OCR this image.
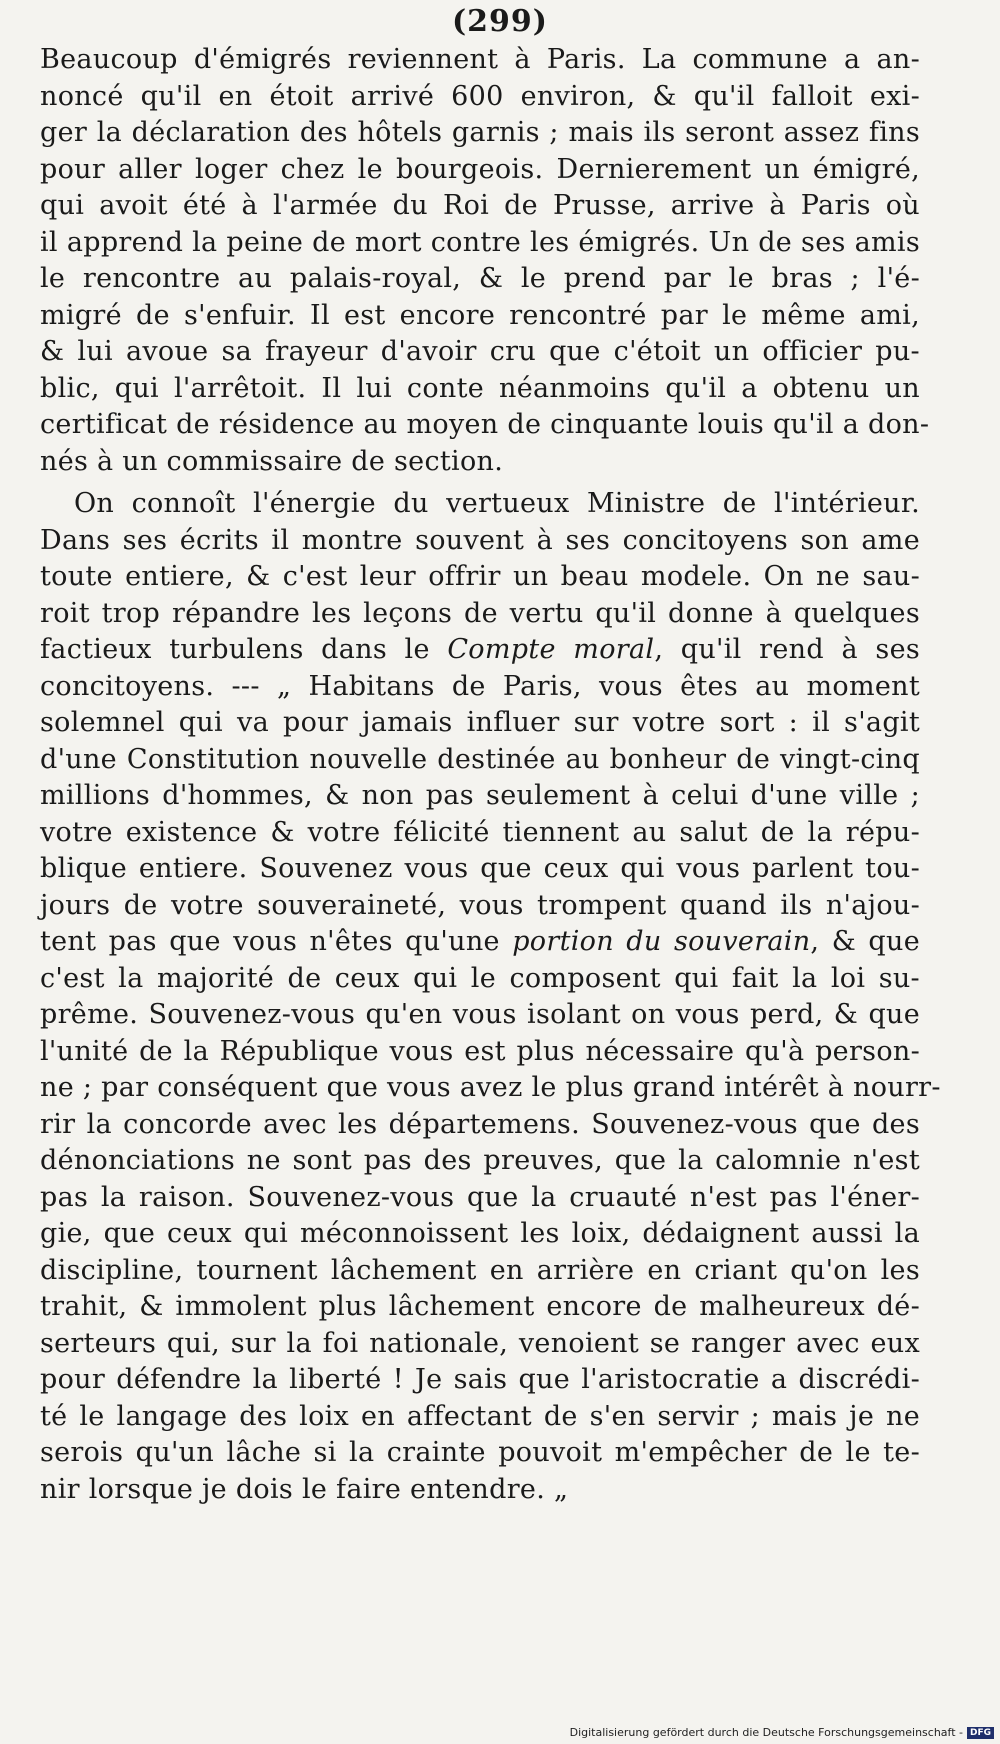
(299)
Beaucoup d'émigrés reviennent à Paris. La commune a an-
noncé qu'il en étoit arrivé 600 environ, & qu'il falloit exi-
ger la déclaration des hôtels garnis ; mais ils seront assez fins
pour aller loger chez le bourgeois. Dernierement un émigré,
qui avoit été à l'armée du Roi de Prusse, arrive à Paris où
il apprend la peine de mort contre les émigrés. Un de ses amis
le rencontre au palais-royal, & le prend par le bras ; l'é-
migré de s'enfuir. Il est encore rencontré par le même ami,
& lui avoue sa frayeur d'avoir cru que c'étoit un officier pu-
blic, qui l'arrêtoit. Il lui conte néanmoins qu'il a obtenu un
certificat de résidence au moyen de cinquante louis qu'il a don-
nés à un commissaire de section.
On connoît l'énergie du vertueux Ministre de l'intérieur.
Dans ses écrits il montre souvent à ses concitoyens son ame
toute entiere, & c'est leur offrir un beau modele. On ne sau-
roit trop répandre les leçons de vertu qu'il donne à quelques
factieux turbulens dans le Compte moral, qu'il rend à ses
concitoyens. --- „ Habitans de Paris, vous êtes au moment
solemnel qui va pour jamais influer sur votre sort : il s'agit
d'une Constitution nouvelle destinée au bonheur de vingt-cinq
millions d'hommes, & non pas seulement à celui d'une ville ;
votre existence & votre félicité tiennent au salut de la répu-
blique entiere. Souvenez vous que ceux qui vous parlent tou-
jours de votre souveraineté, vous trompent quand ils n'ajou-
tent pas que vous n'êtes qu'une portion du souverain, & que
c'est la majorité de ceux qui le composent qui fait la loi su-
prême. Souvenez-vous qu'en vous isolant on vous perd, & que
l'unité de la République vous est plus nécessaire qu'à person-
ne ; par conséquent que vous avez le plus grand intérêt à nourr-
rir la concorde avec les départemens. Souvenez-vous que des
dénonciations ne sont pas des preuves, que la calomnie n'est
pas la raison. Souvenez-vous que la cruauté n'est pas l'éner-
gie, que ceux qui méconnoissent les loix, dédaignent aussi la
discipline, tournent lâchement en arrière en criant qu'on les
trahit, & immolent plus lâchement encore de malheureux dé-
serteurs qui, sur la foi nationale, venoient se ranger avec eux
pour défendre la liberté ! Je sais que l'aristocratie a discrédi-
té le langage des loix en affectant de s'en servir ; mais je ne
serois qu'un lâche si la crainte pouvoit m'empêcher de le te-
nir lorsque je dois le faire entendre. „
Digitalisierung gefördert durch die Deutsche Forschungsgemeinschaft - DFG
